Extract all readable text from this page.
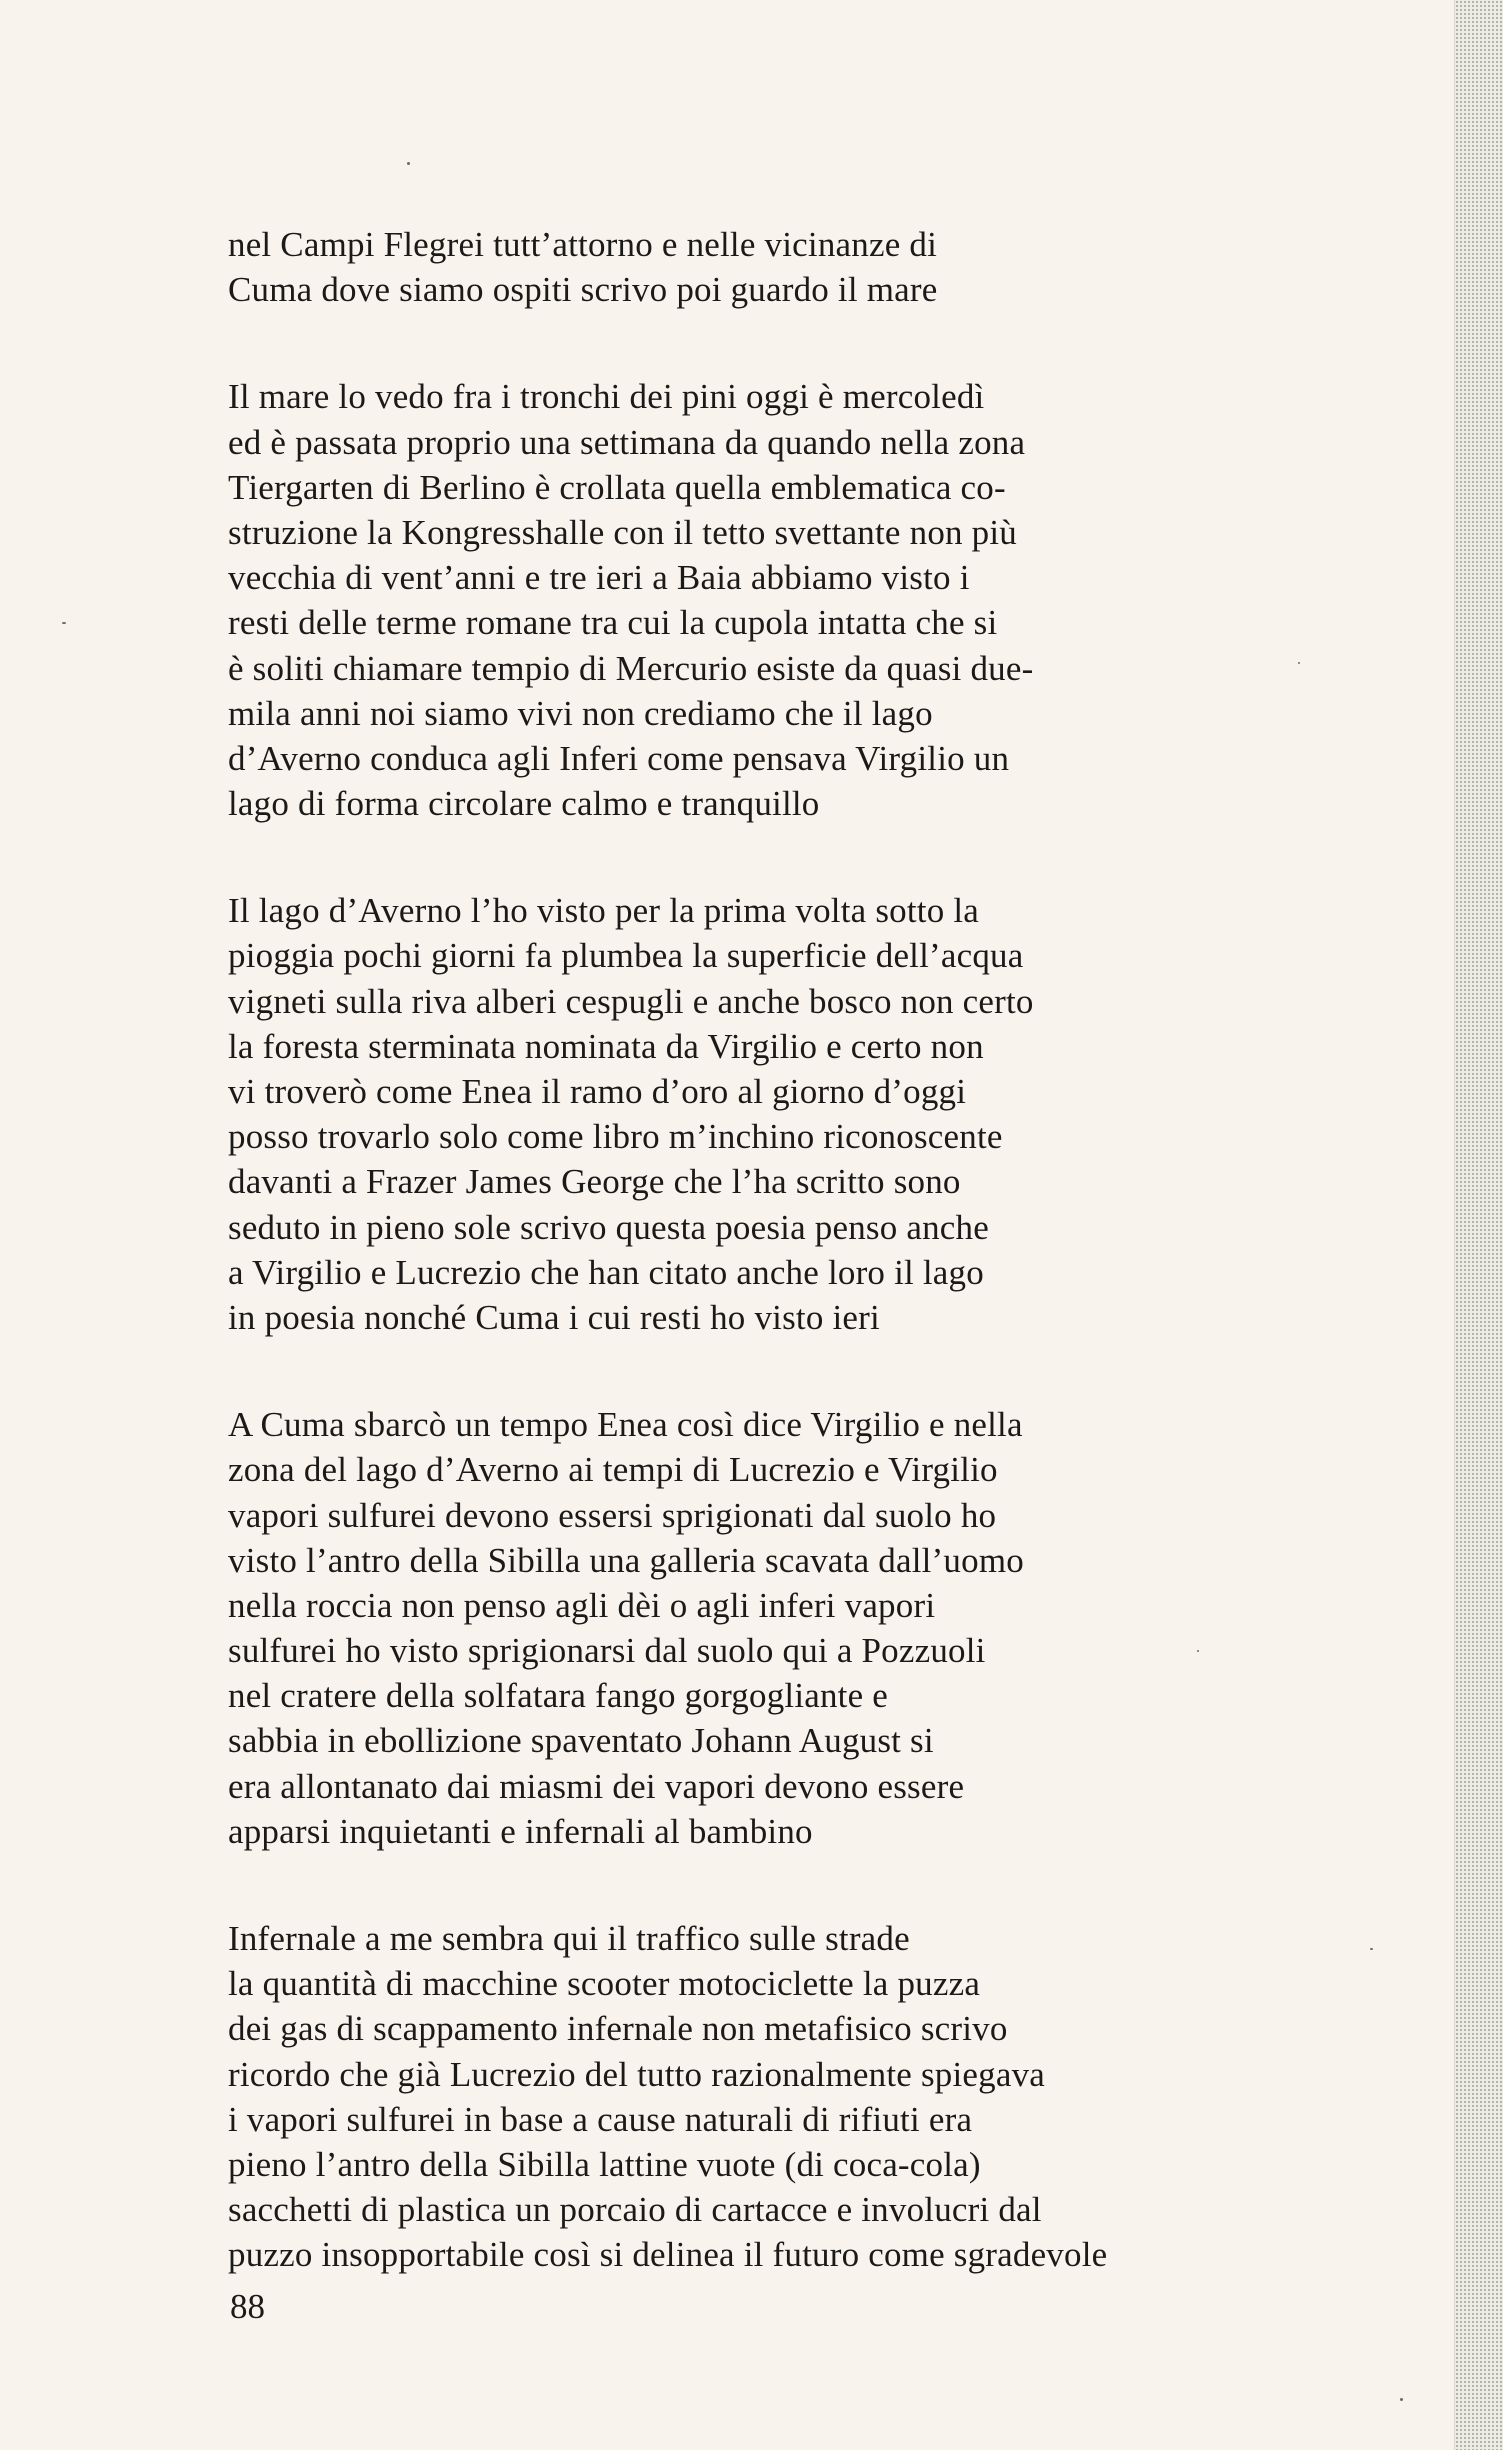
nel Campi Flegrei tutt’attorno e nelle vicinanze di
Cuma dove siamo ospiti scrivo poi guardo il mare
Il mare lo vedo fra i tronchi dei pini oggi è mercoledì
ed è passata proprio una settimana da quando nella zona
Tiergarten di Berlino è crollata quella emblematica co-
struzione la Kongresshalle con il tetto svettante non più
vecchia di vent’anni e tre ieri a Baia abbiamo visto i
resti delle terme romane tra cui la cupola intatta che si
è soliti chiamare tempio di Mercurio esiste da quasi due-
mila anni noi siamo vivi non crediamo che il lago
d’Averno conduca agli Inferi come pensava Virgilio un
lago di forma circolare calmo e tranquillo
Il lago d’Averno l’ho visto per la prima volta sotto la
pioggia pochi giorni fa plumbea la superficie dell’acqua
vigneti sulla riva alberi cespugli e anche bosco non certo
la foresta sterminata nominata da Virgilio e certo non
vi troverò come Enea il ramo d’oro al giorno d’oggi
posso trovarlo solo come libro m’inchino riconoscente
davanti a Frazer James George che l’ha scritto sono
seduto in pieno sole scrivo questa poesia penso anche
a Virgilio e Lucrezio che han citato anche loro il lago
in poesia nonché Cuma i cui resti ho visto ieri
A Cuma sbarcò un tempo Enea così dice Virgilio e nella
zona del lago d’Averno ai tempi di Lucrezio e Virgilio
vapori sulfurei devono essersi sprigionati dal suolo ho
visto l’antro della Sibilla una galleria scavata dall’uomo
nella roccia non penso agli dèi o agli inferi vapori
sulfurei ho visto sprigionarsi dal suolo qui a Pozzuoli
nel cratere della solfatara fango gorgogliante e
sabbia in ebollizione spaventato Johann August si
era allontanato dai miasmi dei vapori devono essere
apparsi inquietanti e infernali al bambino
Infernale a me sembra qui il traffico sulle strade
la quantità di macchine scooter motociclette la puzza
dei gas di scappamento infernale non metafisico scrivo
ricordo che già Lucrezio del tutto razionalmente spiegava
i vapori sulfurei in base a cause naturali di rifiuti era
pieno l’antro della Sibilla lattine vuote (di coca-cola)
sacchetti di plastica un porcaio di cartacce e involucri dal
puzzo insopportabile così si delinea il futuro come sgradevole
88
